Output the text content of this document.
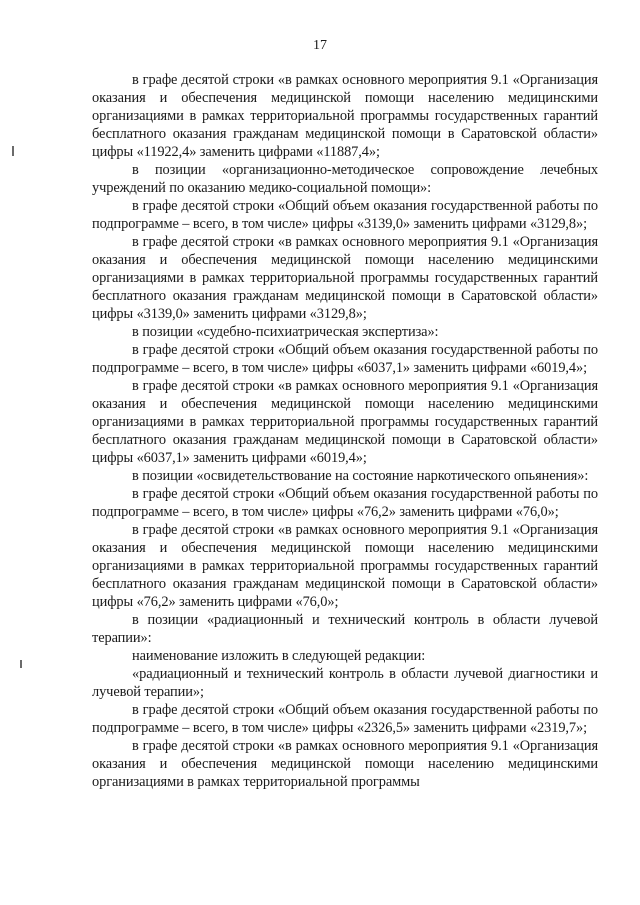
17

в графе десятой строки «в рамках основного мероприятия 9.1 «Организация оказания и обеспечения медицинской помощи населению медицинскими организациями в рамках территориальной программы государственных гарантий бесплатного оказания гражданам медицинской помощи в Саратовской области» цифры «11922,4» заменить цифрами «11887,4»;

в позиции «организационно-методическое сопровождение лечебных учреждений по оказанию медико-социальной помощи»:

в графе десятой строки «Общий объем оказания государственной работы по подпрограмме – всего, в том числе» цифры «3139,0» заменить цифрами «3129,8»;

в графе десятой строки «в рамках основного мероприятия 9.1 «Организация оказания и обеспечения медицинской помощи населению медицинскими организациями в рамках территориальной программы государственных гарантий бесплатного оказания гражданам медицинской помощи в Саратовской области» цифры «3139,0» заменить цифрами «3129,8»;

в позиции «судебно-психиатрическая экспертиза»:

в графе десятой строки «Общий объем оказания государственной работы по подпрограмме – всего, в том числе» цифры «6037,1» заменить цифрами «6019,4»;

в графе десятой строки «в рамках основного мероприятия 9.1 «Организация оказания и обеспечения медицинской помощи населению медицинскими организациями в рамках территориальной программы государственных гарантий бесплатного оказания гражданам медицинской помощи в Саратовской области» цифры «6037,1» заменить цифрами «6019,4»;

в позиции «освидетельствование на состояние наркотического опьянения»:

в графе десятой строки «Общий объем оказания государственной работы по подпрограмме – всего, в том числе» цифры «76,2» заменить цифрами «76,0»;

в графе десятой строки «в рамках основного мероприятия 9.1 «Организация оказания и обеспечения медицинской помощи населению медицинскими организациями в рамках территориальной программы государственных гарантий бесплатного оказания гражданам медицинской помощи в Саратовской области» цифры «76,2» заменить цифрами «76,0»;

в позиции «радиационный и технический контроль в области лучевой терапии»:

наименование изложить в следующей редакции:

«радиационный и технический контроль в области лучевой диагностики и лучевой терапии»;

в графе десятой строки «Общий объем оказания государственной работы по подпрограмме – всего, в том числе» цифры «2326,5» заменить цифрами «2319,7»;

в графе десятой строки «в рамках основного мероприятия 9.1 «Организация оказания и обеспечения медицинской помощи населению медицинскими организациями в рамках территориальной программы
